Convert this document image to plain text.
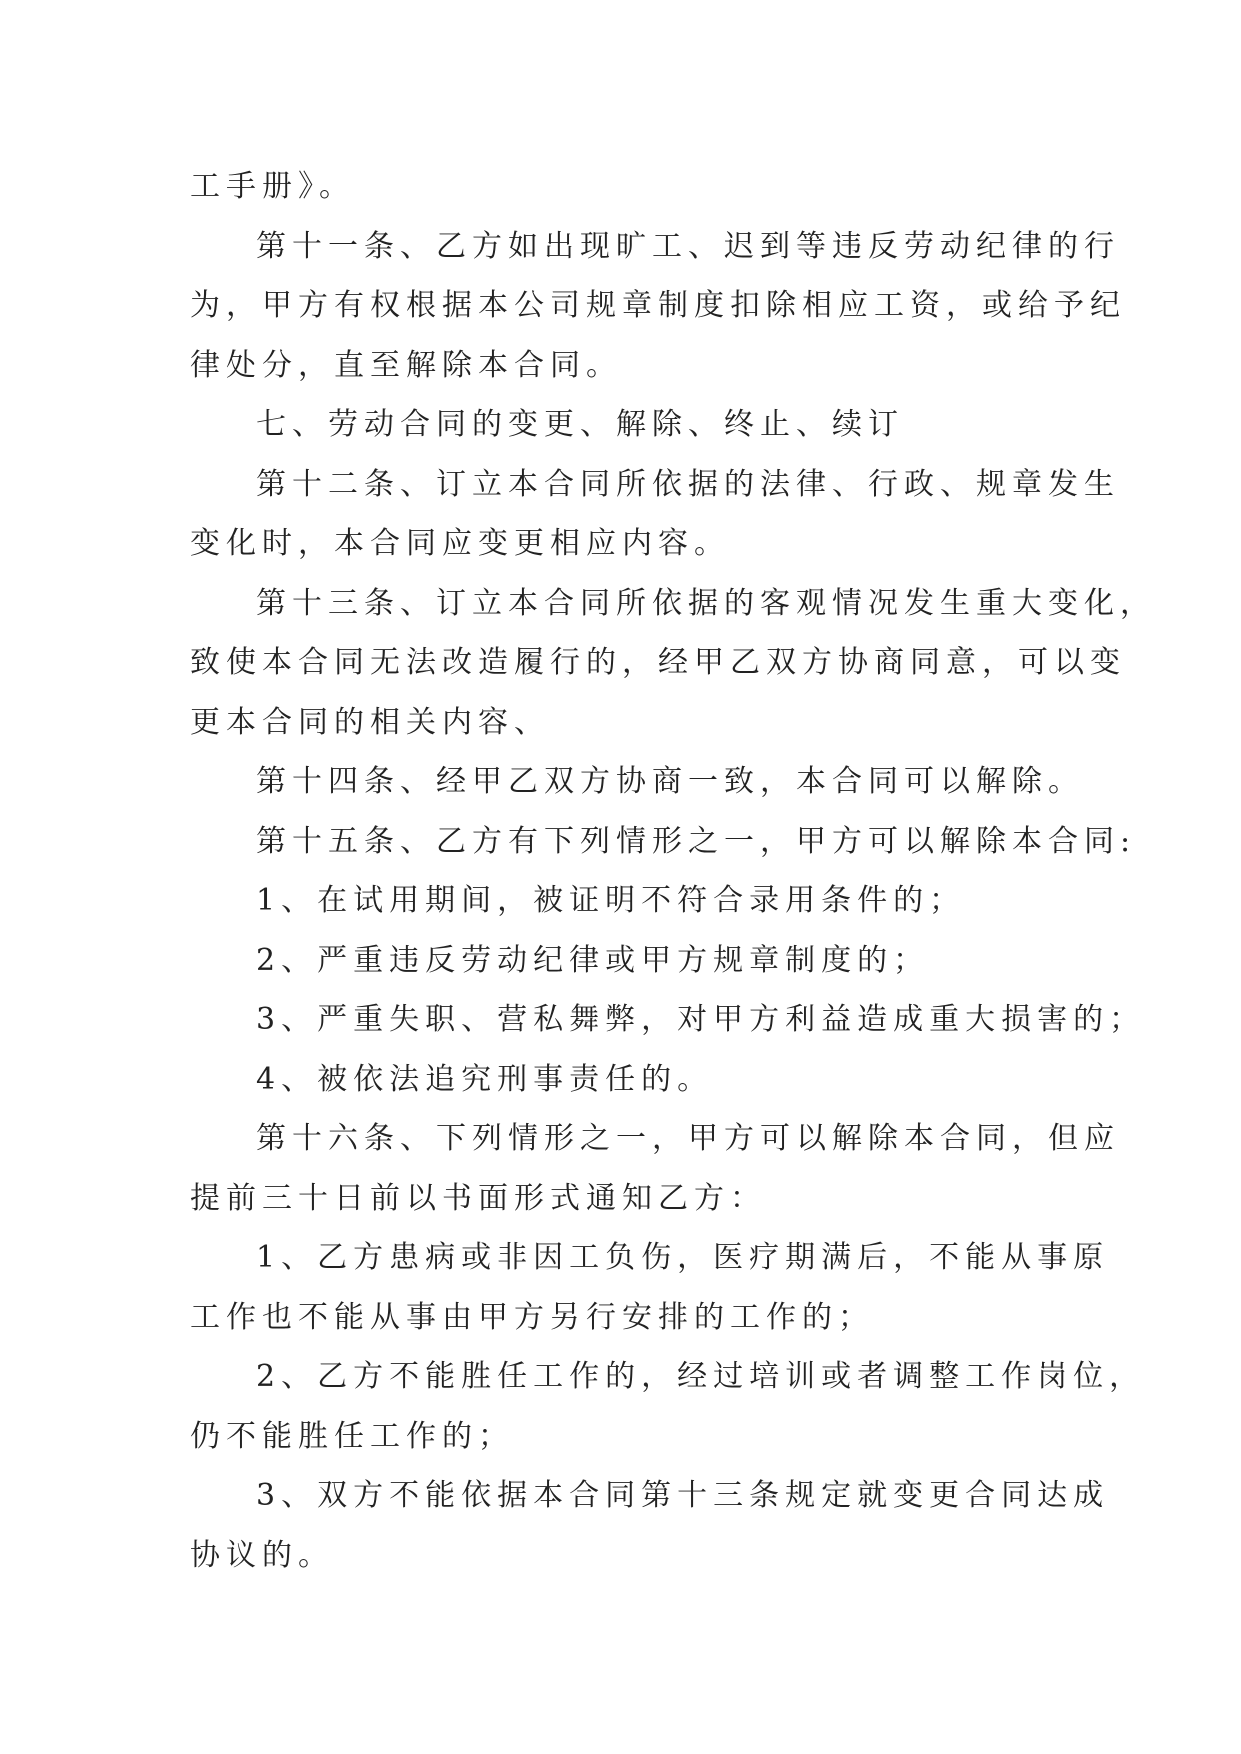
工手册》。

第十一条、乙方如出现旷工、迟到等违反劳动纪律的行

为，甲方有权根据本公司规章制度扣除相应工资，或给予纪

律处分，直至解除本合同。

七、劳动合同的变更、解除、终止、续订

第十二条、订立本合同所依据的法律、行政、规章发生

变化时，本合同应变更相应内容。

第十三条、订立本合同所依据的客观情况发生重大变化，

致使本合同无法改造履行的，经甲乙双方协商同意，可以变

更本合同的相关内容、

第十四条、经甲乙双方协商一致，本合同可以解除。

第十五条、乙方有下列情形之一，甲方可以解除本合同:

1、在试用期间，被证明不符合录用条件的；

2、严重违反劳动纪律或甲方规章制度的；

3、严重失职、营私舞弊，对甲方利益造成重大损害的；

4、被依法追究刑事责任的。

第十六条、下列情形之一，甲方可以解除本合同，但应

提前三十日前以书面形式通知乙方：

1、乙方患病或非因工负伤，医疗期满后，不能从事原

工作也不能从事由甲方另行安排的工作的；

2、乙方不能胜任工作的，经过培训或者调整工作岗位，

仍不能胜任工作的；

3、双方不能依据本合同第十三条规定就变更合同达成

协议的。
